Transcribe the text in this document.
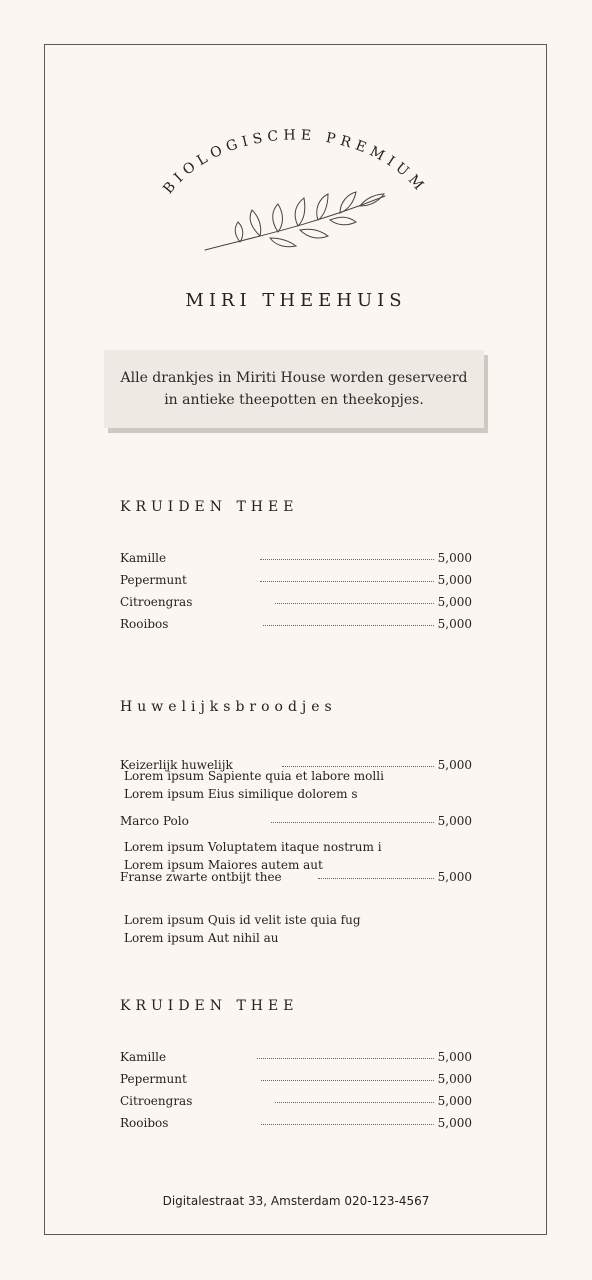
BIOLOGISCHE PREMIUM
MIRI THEEHUIS
Alle drankjes in Miriti House worden geserveerd in antieke theepotten en theekopjes.
KRUIDEN THEE
Kamille	5,000
Pepermunt	5,000
Citroengras	5,000
Rooibos	5,000
Huwelijksbroodjes
Keizerlijk huwelijk	5,000
Lorem ipsum Sapiente quia et labore molli
Lorem ipsum Eius similique dolorem s
Marco Polo	5,000
Lorem ipsum Voluptatem itaque nostrum i
Lorem ipsum Maiores autem aut
Franse zwarte ontbijt thee	5,000
Lorem ipsum Quis id velit iste quia fug
Lorem ipsum Aut nihil au
KRUIDEN THEE
Kamille	5,000
Pepermunt	5,000
Citroengras	5,000
Rooibos	5,000
Digitalestraat 33, Amsterdam 020-123-4567
